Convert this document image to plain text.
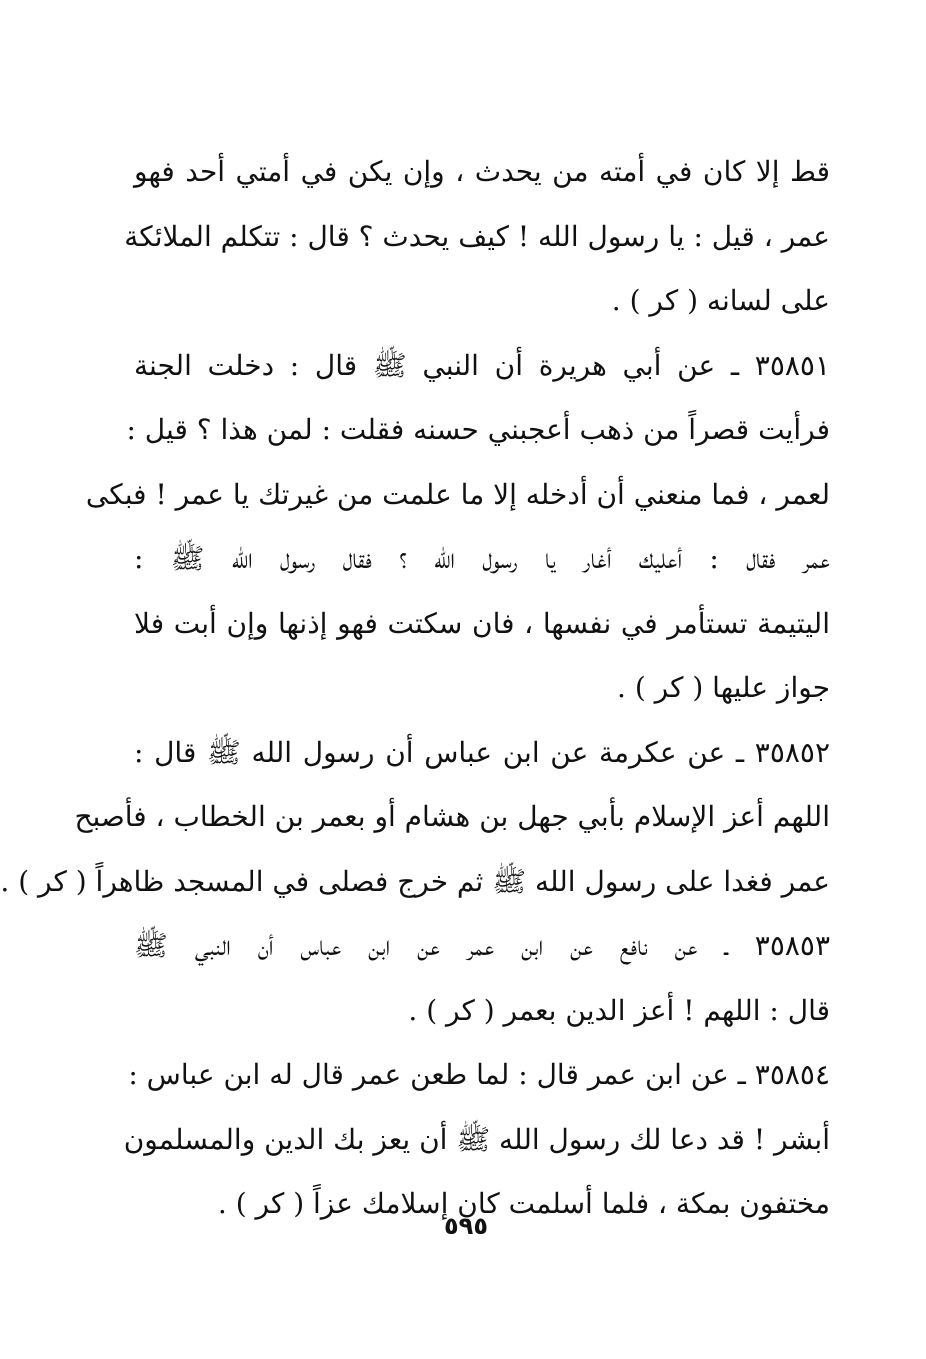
قط إلا كان في أمته من يحدث ، وإن يكن في أمتي أحد فهو
عمر ، قيل : يا رسول الله ! كيف يحدث ؟ قال : تتكلم الملائكة
على لسانه ( كر ) .
٣٥٨٥١ ـ عن أبي هريرة أن النبي ﷺ قال : دخلت الجنة
فرأيت قصراً من ذهب أعجبني حسنه فقلت : لمن هذا ؟ قيل :
لعمر ، فما منعني أن أدخله إلا ما علمت من غيرتك يا عمر ! فبكى
عمر فقال : أعليك أغار يا رسول الله ؟ فقال رسول الله ﷺ :
اليتيمة تستأمر في نفسها ، فان سكتت فهو إذنها وإن أبت فلا
جواز عليها ( كر ) .
٣٥٨٥٢ ـ عن عكرمة عن ابن عباس أن رسول الله ﷺ قال :
اللهم أعز الإسلام بأبي جهل بن هشام أو بعمر بن الخطاب ، فأصبح
عمر فغدا على رسول الله ﷺ ثم خرج فصلى في المسجد ظاهراً ( كر ) .
٣٥٨٥٣ ـ عن نافع عن ابن عمر عن ابن عباس أن النبي ﷺ
قال : اللهم ! أعز الدين بعمر ( كر ) .
٣٥٨٥٤ ـ عن ابن عمر قال : لما طعن عمر قال له ابن عباس :
أبشر ! قد دعا لك رسول الله ﷺ أن يعز بك الدين والمسلمون
مختفون بمكة ، فلما أسلمت كان إسلامك عزاً ( كر ) .
٥٩٥
